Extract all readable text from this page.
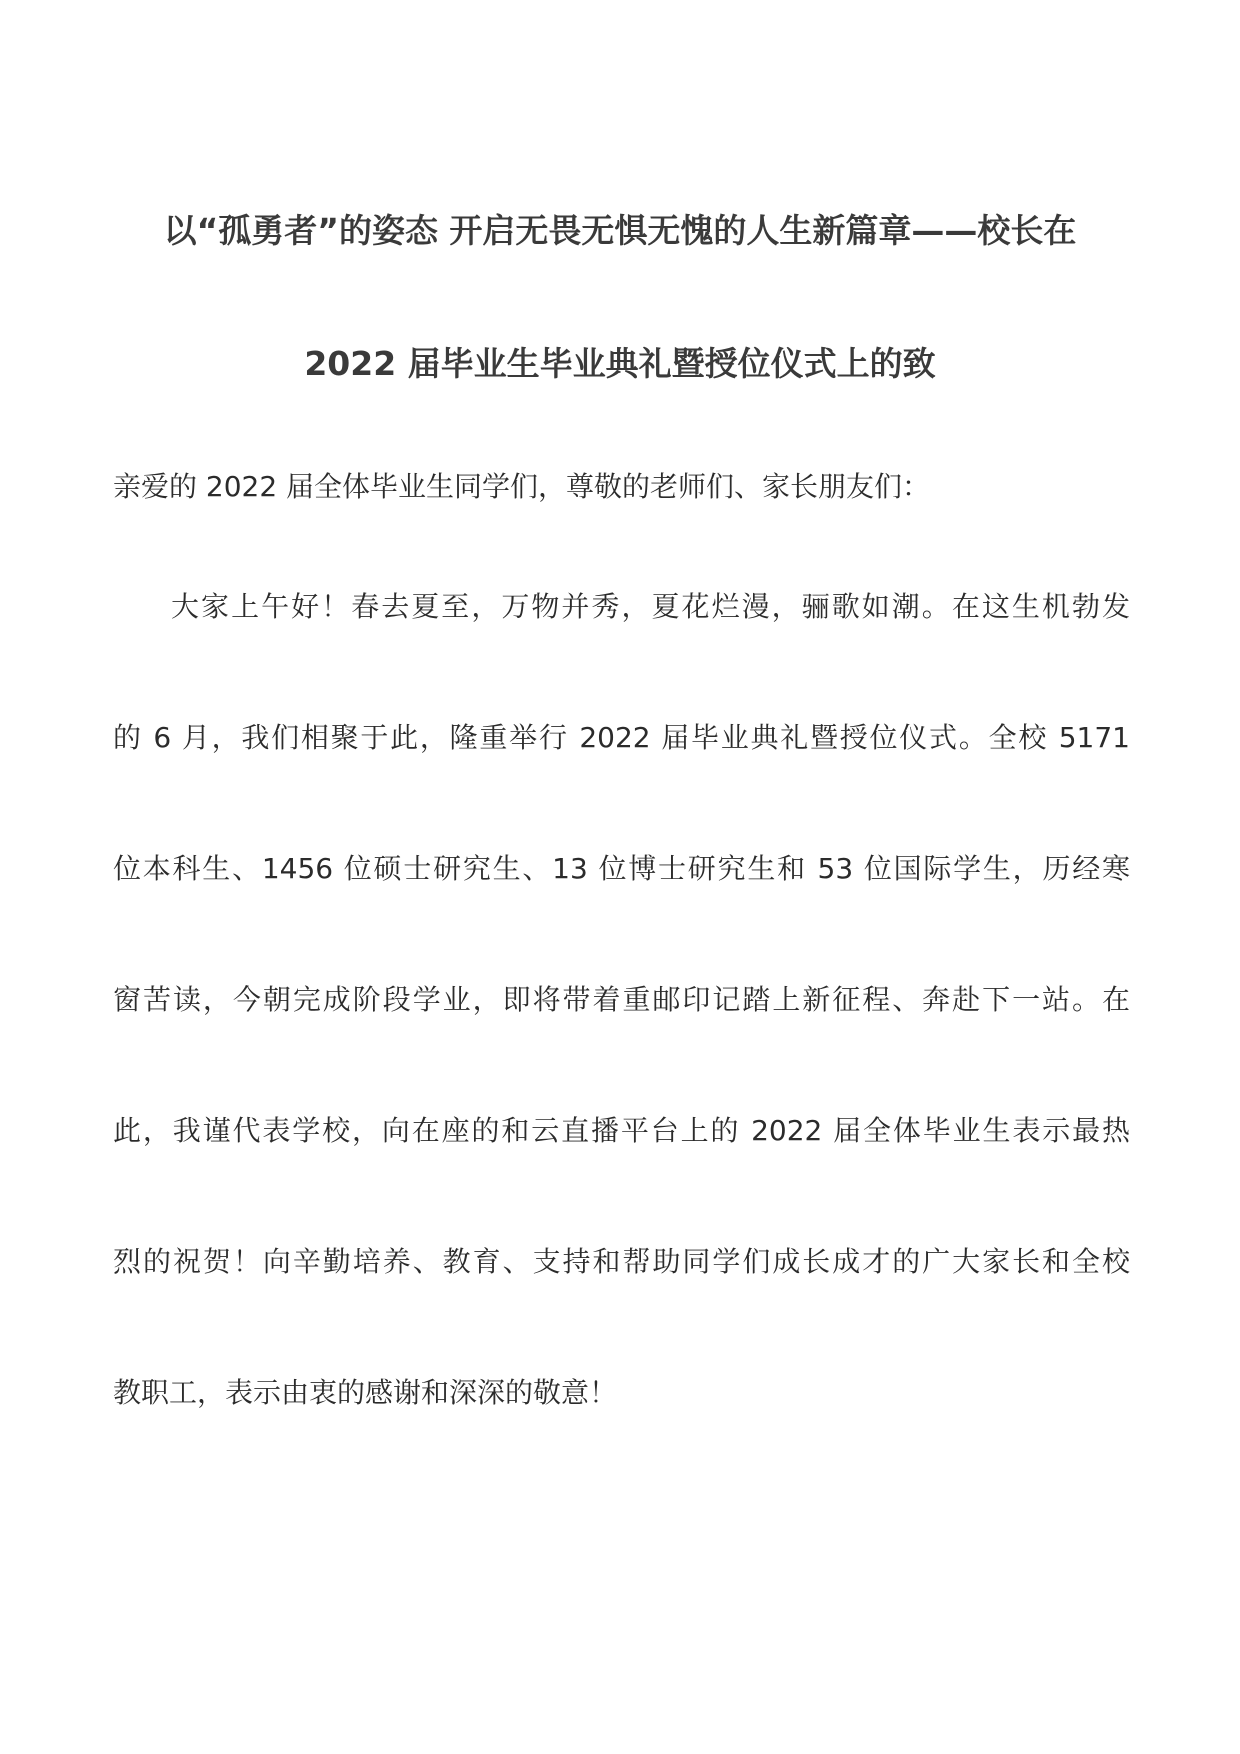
以“孤勇者”的姿态 开启无畏无惧无愧的人生新篇章——校长在
2022 届毕业生毕业典礼暨授位仪式上的致
亲爱的 2022 届全体毕业生同学们，尊敬的老师们、家长朋友们：
大家上午好！春去夏至，万物并秀，夏花烂漫，骊歌如潮。在这生机勃发
的 6 月，我们相聚于此，隆重举行 2022 届毕业典礼暨授位仪式。全校 5171
位本科生、1456 位硕士研究生、13 位博士研究生和 53 位国际学生，历经寒
窗苦读，今朝完成阶段学业，即将带着重邮印记踏上新征程、奔赴下一站。在
此，我谨代表学校，向在座的和云直播平台上的 2022 届全体毕业生表示最热
烈的祝贺！向辛勤培养、教育、支持和帮助同学们成长成才的广大家长和全校
教职工，表示由衷的感谢和深深的敬意！
